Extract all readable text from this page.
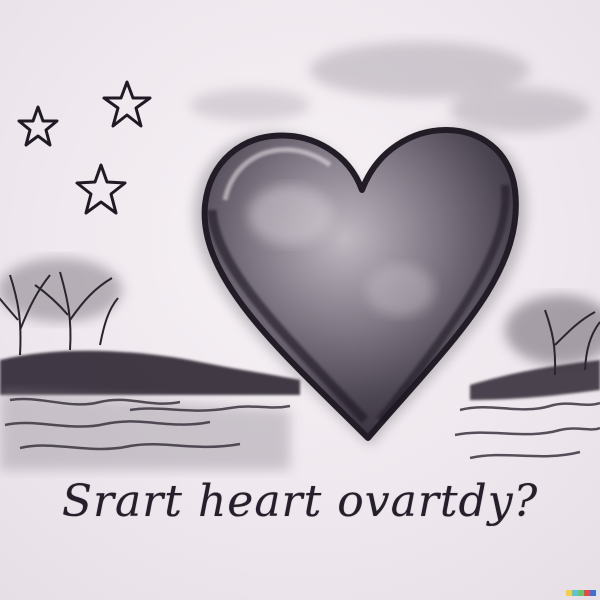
Srart heart ovartdy?
